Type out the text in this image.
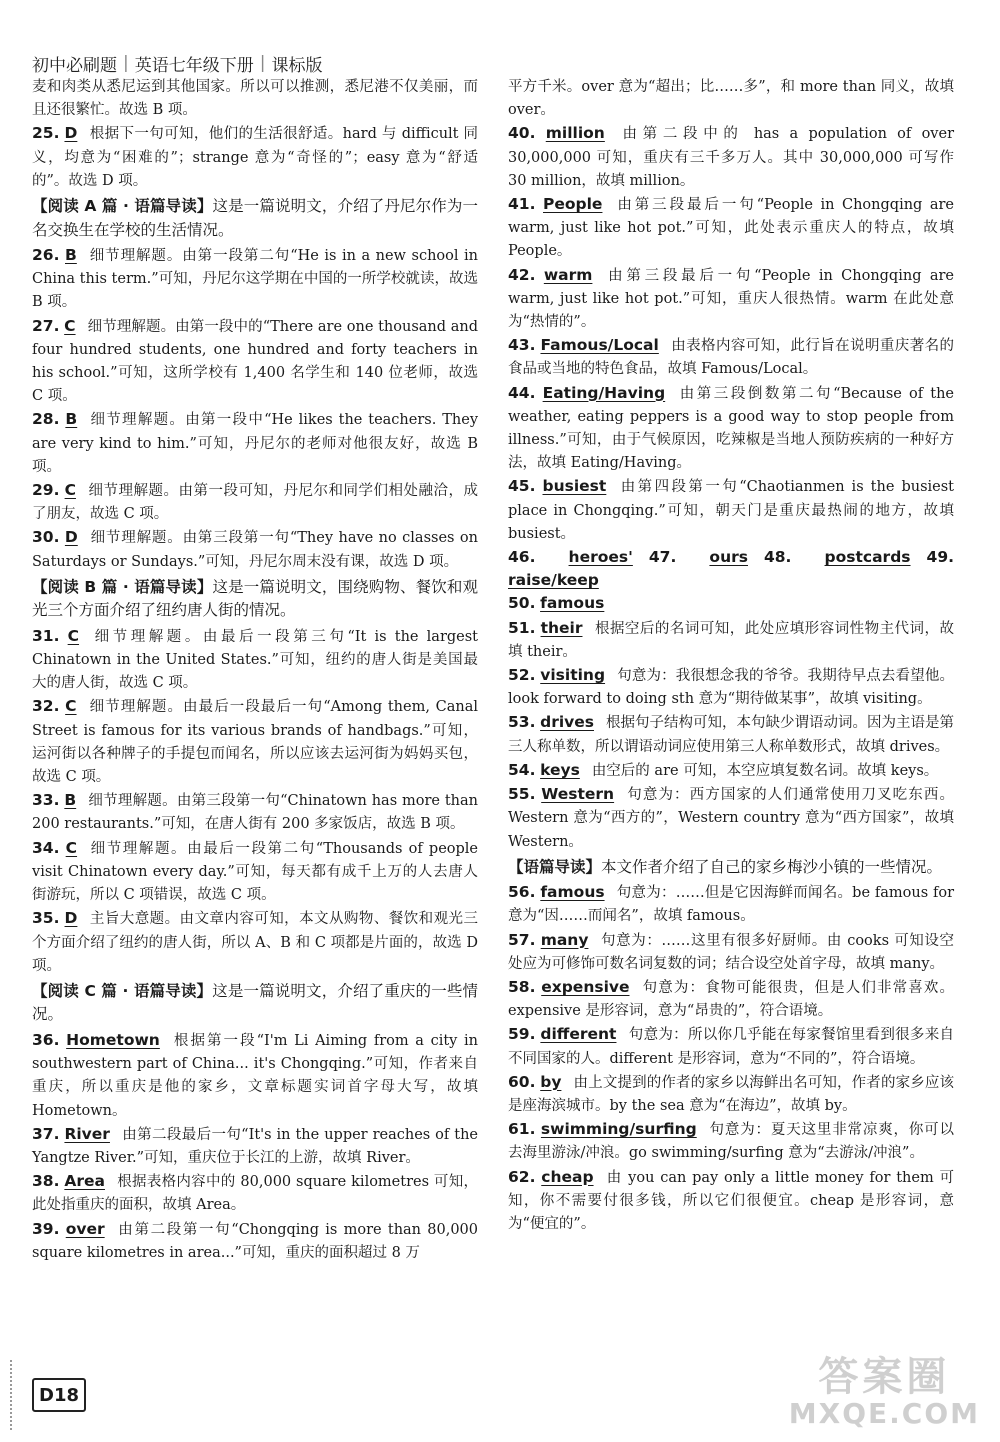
初中必刷题 | 英语七年级下册 | 课标版

麦和肉类从悉尼运到其他国家。所以可以推测，悉尼港不仅美丽，而且还很繁忙。故选 B 项。

25. D 根据下一句可知，他们的生活很舒适。hard 与 difficult 同义，均意为“困难的”；strange 意为“奇怪的”；easy 意为“舒适的”。故选 D 项。

【阅读 A 篇 · 语篇导读】这是一篇说明文，介绍了丹尼尔作为一名交换生在学校的生活情况。

26. B 细节理解题。由第一段第二句“He is in a new school in China this term.”可知，丹尼尔这学期在中国的一所学校就读，故选 B 项。

27. C 细节理解题。由第一段中的“There are one thousand and four hundred students, one hundred and forty teachers in his school.”可知，这所学校有 1,400 名学生和 140 位老师，故选 C 项。

28. B 细节理解题。由第一段中“He likes the teachers. They are very kind to him.”可知，丹尼尔的老师对他很友好，故选 B 项。

29. C 细节理解题。由第一段可知，丹尼尔和同学们相处融洽，成了朋友，故选 C 项。

30. D 细节理解题。由第三段第一句“They have no classes on Saturdays or Sundays.”可知，丹尼尔周末没有课，故选 D 项。

【阅读 B 篇 · 语篇导读】这是一篇说明文，围绕购物、餐饮和观光三个方面介绍了纽约唐人街的情况。

31. C 细节理解题。由最后一段第三句“It is the largest Chinatown in the United States.”可知，纽约的唐人街是美国最大的唐人街，故选 C 项。

32. C 细节理解题。由最后一段最后一句“Among them, Canal Street is famous for its various brands of handbags.”可知，运河街以各种牌子的手提包而闻名，所以应该去运河街为妈妈买包，故选 C 项。

33. B 细节理解题。由第三段第一句“Chinatown has more than 200 restaurants.”可知，在唐人街有 200 多家饭店，故选 B 项。

34. C 细节理解题。由最后一段第二句“Thousands of people visit Chinatown every day.”可知，每天都有成千上万的人去唐人街游玩，所以 C 项错误，故选 C 项。

35. D 主旨大意题。由文章内容可知，本文从购物、餐饮和观光三个方面介绍了纽约的唐人街，所以 A、B 和 C 项都是片面的，故选 D 项。

【阅读 C 篇 · 语篇导读】这是一篇说明文，介绍了重庆的一些情况。

36. Hometown 根据第一段“I'm Li Aiming from a city in southwestern part of China... it's Chongqing.”可知，作者来自重庆，所以重庆是他的家乡，文章标题实词首字母大写，故填 Hometown。

37. River 由第二段最后一句“It's in the upper reaches of the Yangtze River.”可知，重庆位于长江的上游，故填 River。

38. Area 根据表格内容中的 80,000 square kilometres 可知，此处指重庆的面积，故填 Area。

39. over 由第二段第一句“Chongqing is more than 80,000 square kilometres in area...”可知，重庆的面积超过 8 万

平方千米。over 意为“超出；比……多”，和 more than 同义，故填 over。

40. million 由第二段中的 has a population of over 30,000,000 可知，重庆有三千多万人。其中 30,000,000 可写作 30 million，故填 million。

41. People 由第三段最后一句“People in Chongqing are warm, just like hot pot.”可知，此处表示重庆人的特点，故填 People。

42. warm 由第三段最后一句“People in Chongqing are warm, just like hot pot.”可知，重庆人很热情。warm 在此处意为“热情的”。

43. Famous/Local 由表格内容可知，此行旨在说明重庆著名的食品或当地的特色食品，故填 Famous/Local。

44. Eating/Having 由第三段倒数第二句“Because of the weather, eating peppers is a good way to stop people from illness.”可知，由于气候原因，吃辣椒是当地人预防疾病的一种好方法，故填 Eating/Having。

45. busiest 由第四段第一句“Chaotianmen is the busiest place in Chongqing.”可知，朝天门是重庆最热闹的地方，故填 busiest。

46. heroes' 47. ours 48. postcards 49. raise/keep

50. famous

51. their 根据空后的名词可知，此处应填形容词性物主代词，故填 their。

52. visiting 句意为：我很想念我的爷爷。我期待早点去看望他。look forward to doing sth 意为“期待做某事”，故填 visiting。

53. drives 根据句子结构可知，本句缺少谓语动词。因为主语是第三人称单数，所以谓语动词应使用第三人称单数形式，故填 drives。

54. keys 由空后的 are 可知，本空应填复数名词。故填 keys。

55. Western 句意为：西方国家的人们通常使用刀叉吃东西。Western 意为“西方的”，Western country 意为“西方国家”，故填 Western。

【语篇导读】本文作者介绍了自己的家乡梅沙小镇的一些情况。

56. famous 句意为：……但是它因海鲜而闻名。be famous for 意为“因……而闻名”，故填 famous。

57. many 句意为：……这里有很多好厨师。由 cooks 可知设空处应为可修饰可数名词复数的词；结合设空处首字母，故填 many。

58. expensive 句意为：食物可能很贵，但是人们非常喜欢。expensive 是形容词，意为“昂贵的”，符合语境。

59. different 句意为：所以你几乎能在每家餐馆里看到很多来自不同国家的人。different 是形容词，意为“不同的”，符合语境。

60. by 由上文提到的作者的家乡以海鲜出名可知，作者的家乡应该是座海滨城市。by the sea 意为“在海边”，故填 by。

61. swimming/surfing 句意为：夏天这里非常凉爽，你可以去海里游泳/冲浪。go swimming/surfing 意为“去游泳/冲浪”。

62. cheap 由 you can pay only a little money for them 可知，你不需要付很多钱，所以它们很便宜。cheap 是形容词，意为“便宜的”。

D18	答案圈
MXQE.COM
